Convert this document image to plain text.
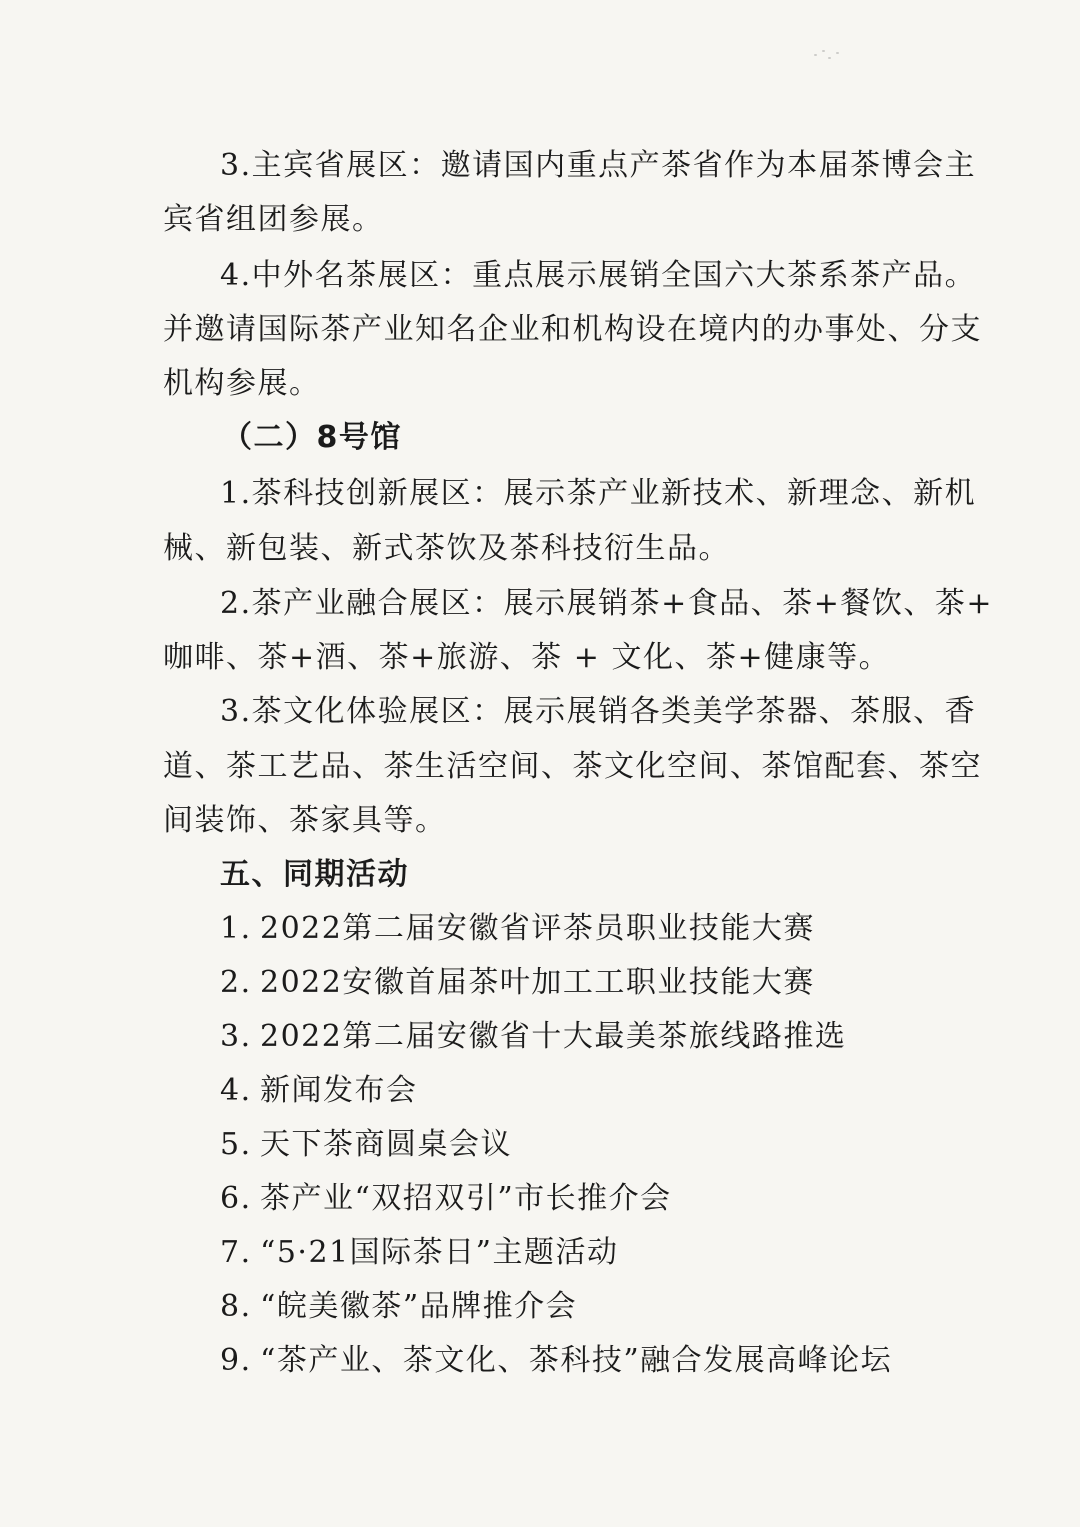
3.主宾省展区：邀请国内重点产茶省作为本届茶博会主
宾省组团参展。
4.中外名茶展区：重点展示展销全国六大茶系茶产品。
并邀请国际茶产业知名企业和机构设在境内的办事处、分支
机构参展。
（二）8号馆
1.茶科技创新展区：展示茶产业新技术、新理念、新机
械、新包装、新式茶饮及茶科技衍生品。
2.茶产业融合展区：展示展销茶+食品、茶+餐饮、茶+
咖啡、茶+酒、茶+旅游、茶 + 文化、茶+健康等。
3.茶文化体验展区：展示展销各类美学茶器、茶服、香
道、茶工艺品、茶生活空间、茶文化空间、茶馆配套、茶空
间装饰、茶家具等。
五、同期活动
1. 2022第二届安徽省评茶员职业技能大赛
2. 2022安徽首届茶叶加工工职业技能大赛
3. 2022第二届安徽省十大最美茶旅线路推选
4. 新闻发布会
5. 天下茶商圆桌会议
6. 茶产业“双招双引”市长推介会
7. “5·21国际茶日”主题活动
8. “皖美徽茶”品牌推介会
9. “茶产业、茶文化、茶科技”融合发展高峰论坛
